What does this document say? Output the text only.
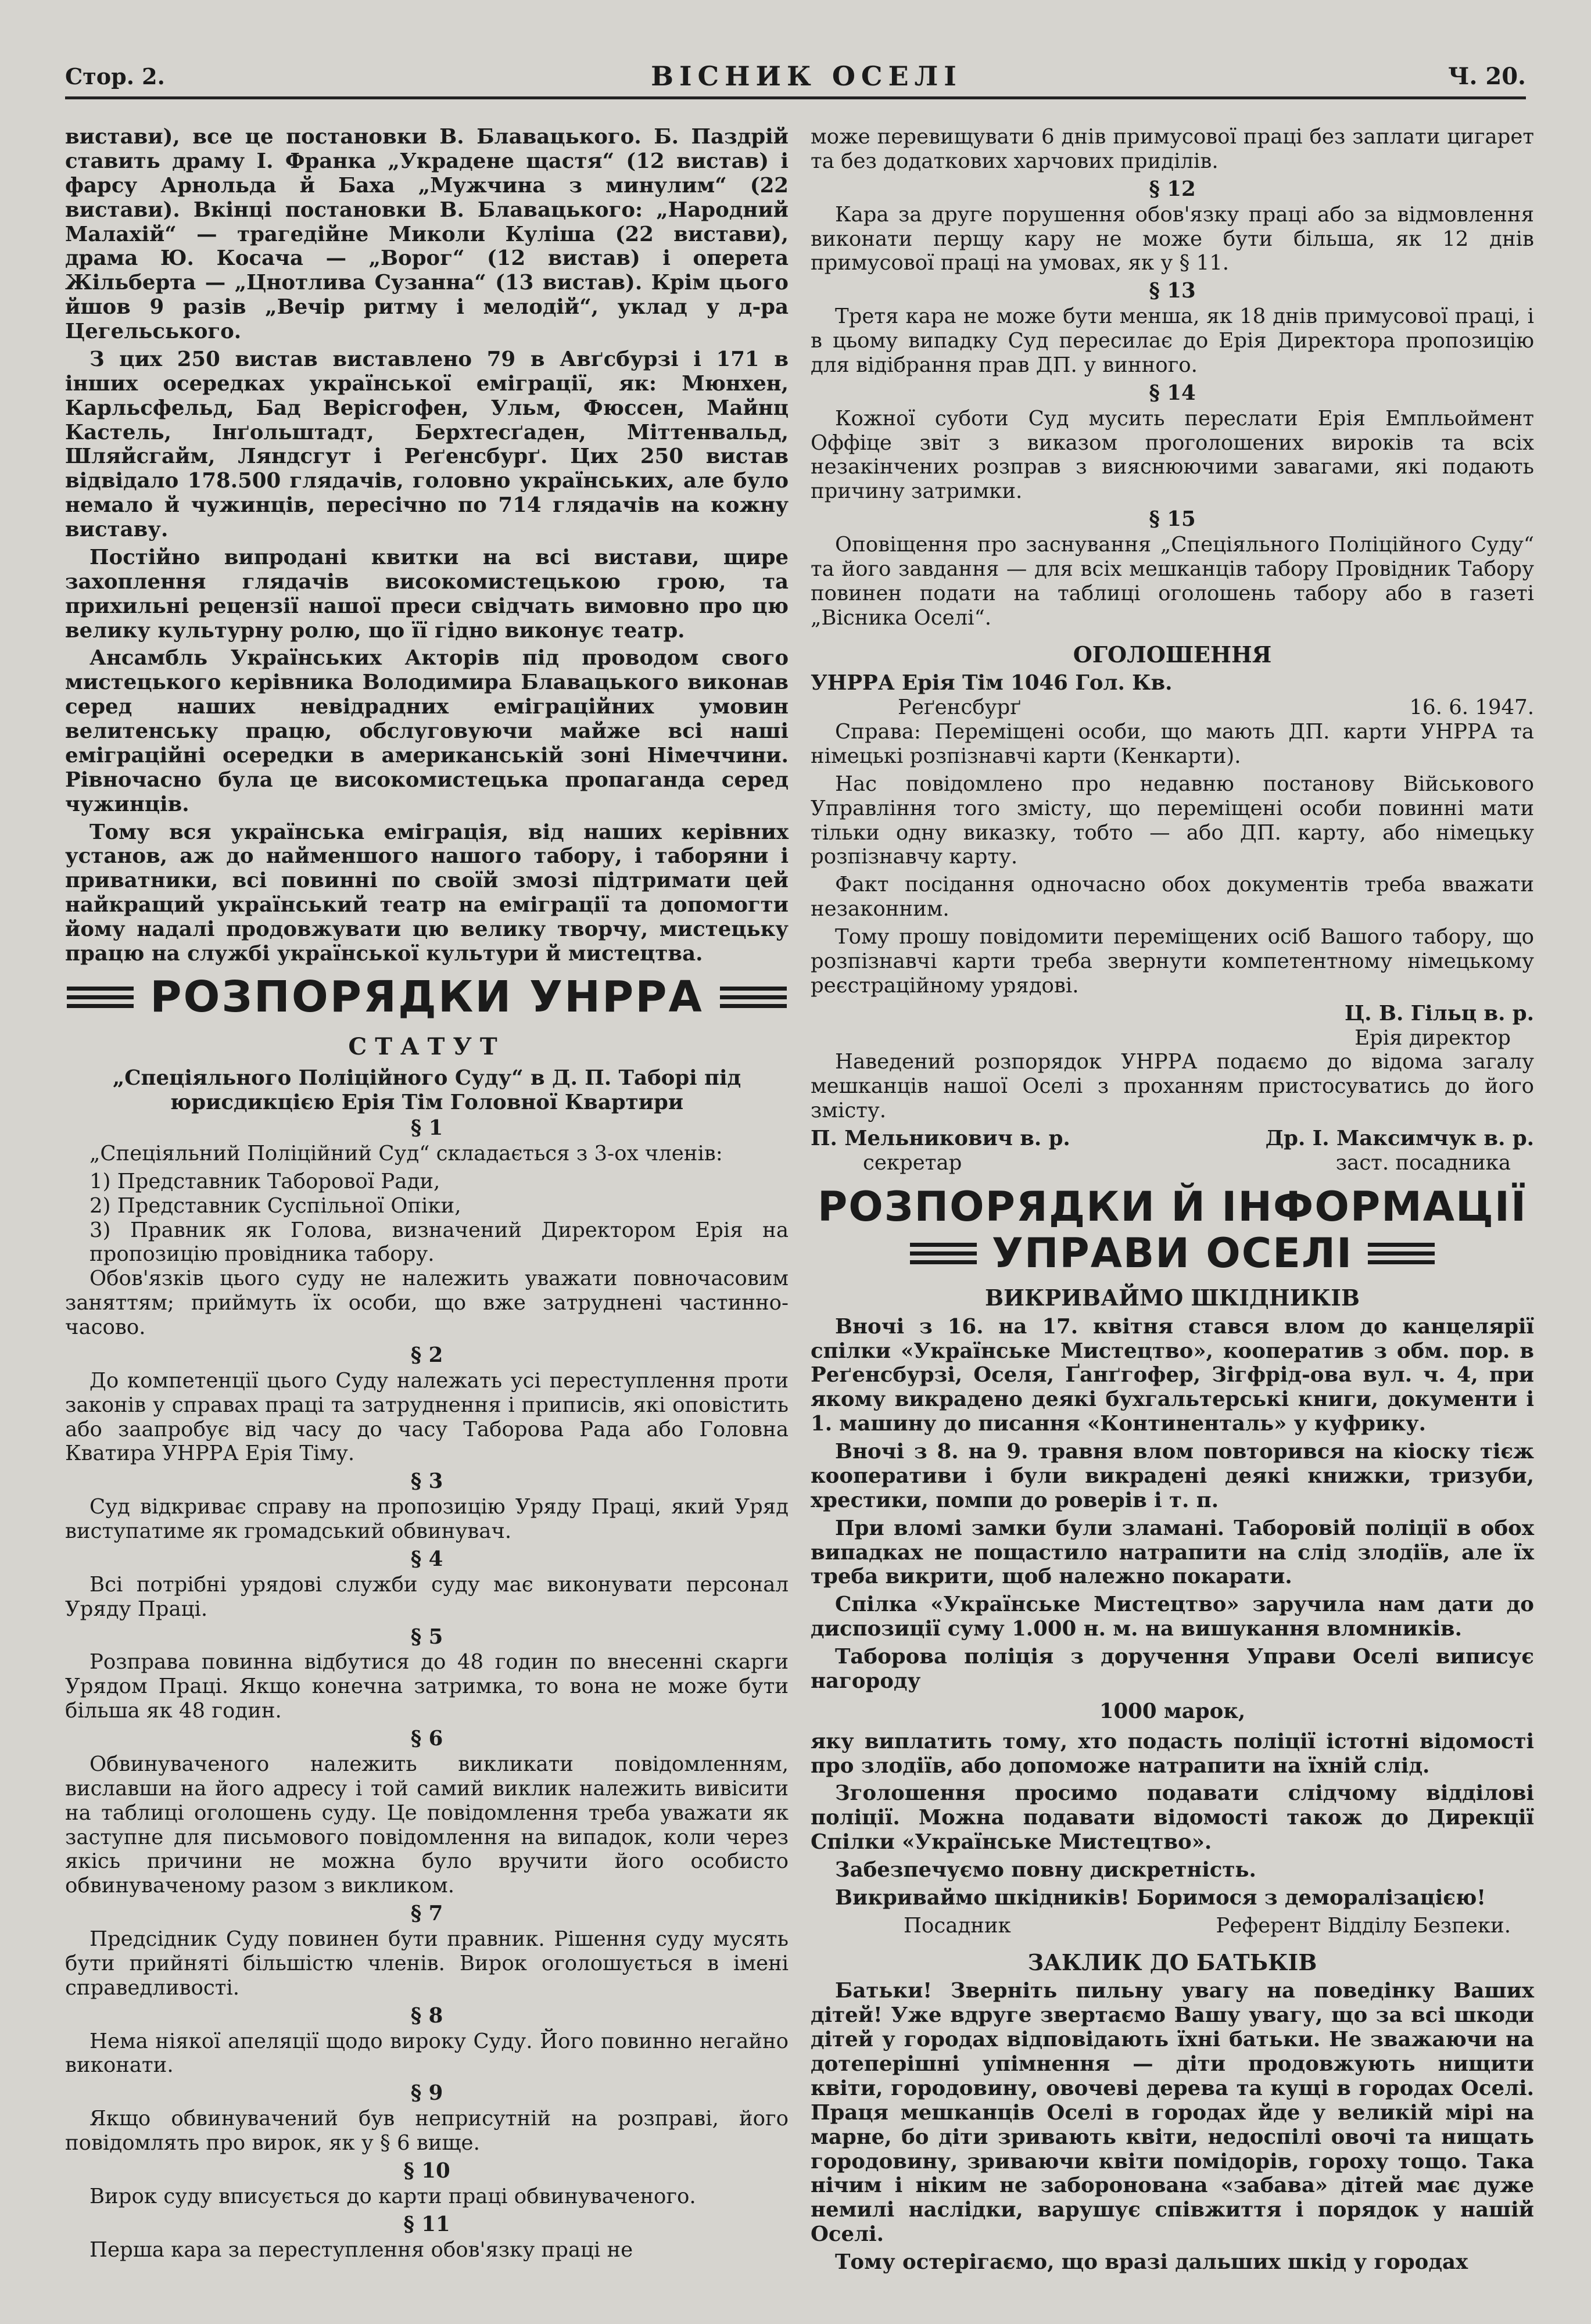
Стор. 2.	ВІСНИК ОСЕЛІ	Ч. 20.

вистави), все це постановки В. Блавацького. Б. Паздрій ставить драму І. Франка „Украдене щастя“ (12 вистав) і фарсу Арнольда й Баха „Мужчина з минулим“ (22 вистави). Вкінці постановки В. Блавацького: „Народний Малахій“ — трагедійне Миколи Куліша (22 вистави), драма Ю. Косача — „Ворог“ (12 вистав) і оперета Жільберта — „Цнотлива Сузанна“ (13 вистав). Крім цього йшов 9 разів „Вечір ритму і мелодій“, уклад у д-ра Цегельського.

З цих 250 вистав виставлено 79 в Авґсбурзі і 171 в інших осередках української еміграції, як: Мюнхен, Карльсфельд, Бад Верісгофен, Ульм, Фюссен, Майнц Кастель, Інґольштадт, Берхтесґаден, Міттенвальд, Шляйсгайм, Ляндсгут і Реґенсбурґ. Цих 250 вистав відвідало 178.500 глядачів, головно українських, але було немало й чужинців, пересічно по 714 глядачів на кожну виставу.

Постійно випродані квитки на всі вистави, щире захоплення глядачів високомистецькою грою, та прихильні рецензії нашої преси свідчать вимовно про цю велику культурну ролю, що її гідно виконує театр.

Ансамбль Українських Акторів під проводом свого мистецького керівника Володимира Блавацького виконав серед наших невідрадних еміграційних умовин велитенську працю, обслуговуючи майже всі наші еміграційні осередки в американській зоні Німеччини. Рівночасно була це високомистецька пропаганда серед чужинців.

Тому вся українська еміграція, від наших керівних установ, аж до найменшого нашого табору, і таборяни і приватники, всі повинні по своїй змозі підтримати цей найкращий український театр на еміграції та допомогти йому надалі продовжувати цю велику творчу, мистецьку працю на службі української культури й мистецтва.

РОЗПОРЯДКИ УНРРА
СТАТУТ
„Спеціяльного Поліційного Суду“ в Д. П. Таборі під юрисдикцією Ерія Тім Головної Квартири
§ 1

„Спеціяльний Поліційний Суд“ складається з 3-ох членів:

1) Представник Таборової Ради,
2) Представник Суспільної Опіки,
3) Правник як Голова, визначений Директором Ерія на пропозицію провідника табору.

Обов'язків цього суду не належить уважати повночасовим заняттям; приймуть їх особи, що вже затруднені частинно-часово.

§ 2

До компетенції цього Суду належать усі переступлення проти законів у справах праці та затруднення і приписів, які оповістить або заапробує від часу до часу Таборова Рада або Головна Кватира УНРРА Ерія Тіму.

§ 3

Суд відкриває справу на пропозицію Уряду Праці, який Уряд виступатиме як громадський обвинувач.

§ 4

Всі потрібні урядові служби суду має виконувати персонал Уряду Праці.

§ 5

Розправа повинна відбутися до 48 годин по внесенні скарги Урядом Праці. Якщо конечна затримка, то вона не може бути більша як 48 годин.

§ 6

Обвинуваченого належить викликати повідомленням, виславши на його адресу і той самий виклик належить вивісити на таблиці оголошень суду. Це повідомлення треба уважати як заступне для письмового повідомлення на випадок, коли через якісь причини не можна було вручити його особисто обвинуваченому разом з викликом.

§ 7

Предсідник Суду повинен бути правник. Рішення суду мусять бути прийняті більшістю членів. Вирок оголошується в імені справедливості.

§ 8

Нема ніякої апеляції щодо вироку Суду. Його повинно негайно виконати.

§ 9

Якщо обвинувачений був неприсутній на розправі, його повідомлять про вирок, як у § 6 вище.

§ 10

Вирок суду вписується до карти праці обвинуваченого.

§ 11

Перша кара за переступлення обов'язку праці не

може перевищувати 6 днів примусової праці без заплати цигарет та без додаткових харчових приділів.

§ 12

Кара за друге порушення обов'язку праці або за відмовлення виконати перщу кару не може бути більша, як 12 днів примусової праці на умовах, як у § 11.

§ 13

Третя кара не може бути менша, як 18 днів примусової праці, і в цьому випадку Суд пересилає до Ерія Директора пропозицію для відібрання прав ДП. у винного.

§ 14

Кожної суботи Суд мусить переслати Ерія Емпльоймент Оффіце звіт з виказом проголошених вироків та всіх незакінчених розправ з вияснюючими завагами, які подають причину затримки.

§ 15

Оповіщення про заснування „Спеціяльного Поліційного Суду“ та його завдання — для всіх мешканців табору Провідник Табору повинен подати на таблиці оголошень табору або в газеті „Вісника Оселі“.

ОГОЛОШЕННЯ
УНРРА Ерія Тім 1046 Гол. Кв.
Реґенсбурґ	16. 6. 1947.

Справа: Переміщені особи, що мають ДП. карти УНРРА та німецькі розпізнавчі карти (Кенкарти).

Нас повідомлено про недавню постанову Військового Управління того змісту, що переміщені особи повинні мати тільки одну виказку, тобто — або ДП. карту, або німецьку розпізнавчу карту.

Факт посідання одночасно обох документів треба вважати незаконним.

Тому прошу повідомити переміщених осіб Вашого табору, що розпізнавчі карти треба звернути компетентному німецькому реєстраційному урядові.

Ц. В. Гільц в. р.
Ерія директор

Наведений розпорядок УНРРА подаємо до відома загалу мешканців нашої Оселі з проханням пристосуватись до його змісту.

П. Мельникович в. р.	Др. І. Максимчук в. р.
секретар	заст. посадника
РОЗПОРЯДКИ Й ІНФОРМАЦІЇ
УПРАВИ ОСЕЛІ
ВИКРИВАЙМО ШКІДНИКІВ

Вночі з 16. на 17. квітня стався влом до канцелярії спілки «Українське Мистецтво», кооператив з обм. пор. в Реґенсбурзі, Оселя, Ґанґгофер, Зігфрід-ова вул. ч. 4, при якому викрадено деякі бухгальтерські книги, документи і 1. машину до писання «Континенталь» у куфрику.

Вночі з 8. на 9. травня влом повторився на кіоску тієж кооперативи і були викрадені деякі книжки, тризуби, хрестики, помпи до роверів і т. п.

При вломі замки були зламані. Таборовій поліції в обох випадках не пощастило натрапити на слід злодіїв, але їх треба викрити, щоб належно покарати.

Спілка «Українське Мистецтво» заручила нам дати до диспозиції суму 1.000 н. м. на вишукання вломників.

Таборова поліція з доручення Управи Оселі виписує нагороду

1000 марок,

яку виплатить тому, хто подасть поліції істотні відомості про злодіїв, або допоможе натрапити на їхній слід.

Зголошення просимо подавати слідчому відділові поліції. Можна подавати відомості також до Дирекції Спілки «Українське Мистецтво».

Забезпечуємо повну дискретність.

Викриваймо шкідників! Боримося з деморалізацією!

Посадник	Референт Відділу Безпеки.
ЗАКЛИК ДО БАТЬКІВ

Батьки! Зверніть пильну увагу на поведінку Ваших дітей! Уже вдруге звертаємо Вашу увагу, що за всі шкоди дітей у городах відповідають їхні батьки. Не зважаючи на дотеперішні упімнення — діти продовжують нищити квіти, городовину, овочеві дерева та кущі в городах Оселі. Праця мешканців Оселі в городах йде у великій мірі на марне, бо діти зривають квіти, недоспілі овочі та нищать городовину, зриваючи квіти помідорів, гороху тощо. Така нічим і ніким не заборонована «забава» дітей має дуже немилі наслідки, варушує співжиття і порядок у нашій Оселі.

Тому остерігаємо, що вразі дальших шкід у городах
